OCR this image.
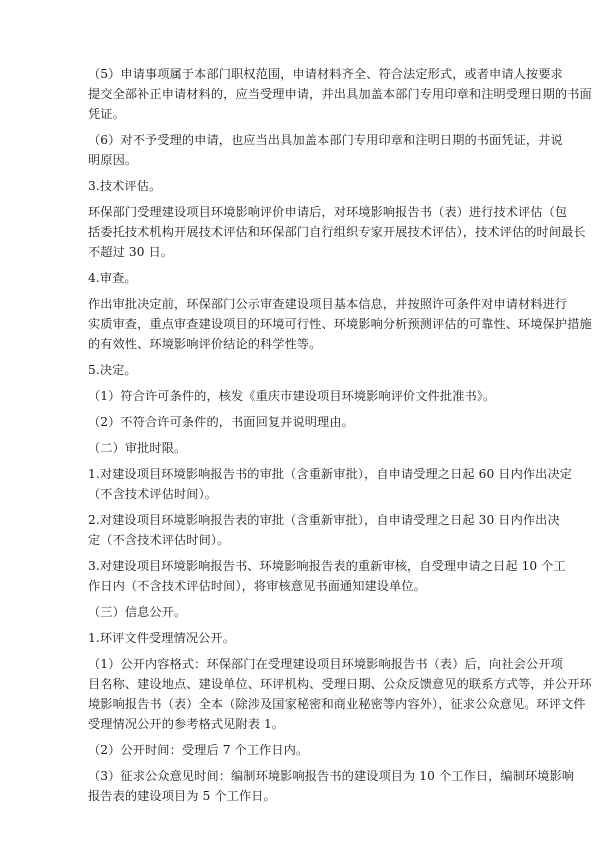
（5）申请事项属于本部门职权范围，申请材料齐全、符合法定形式，或者申请人按要求
提交全部补正申请材料的，应当受理申请，并出具加盖本部门专用印章和注明受理日期的书面
凭证。

（6）对不予受理的申请，也应当出具加盖本部门专用印章和注明日期的书面凭证，并说
明原因。

3.技术评估。

环保部门受理建设项目环境影响评价申请后，对环境影响报告书（表）进行技术评估（包
括委托技术机构开展技术评估和环保部门自行组织专家开展技术评估），技术评估的时间最长
不超过 30 日。

4.审查。

作出审批决定前，环保部门公示审查建设项目基本信息，并按照许可条件对申请材料进行
实质审查，重点审查建设项目的环境可行性、环境影响分析预测评估的可靠性、环境保护措施
的有效性、环境影响评价结论的科学性等。

5.决定。

（1）符合许可条件的，核发《重庆市建设项目环境影响评价文件批准书》。

（2）不符合许可条件的，书面回复并说明理由。

（二）审批时限。

1.对建设项目环境影响报告书的审批（含重新审批），自申请受理之日起 60 日内作出决定
（不含技术评估时间）。

2.对建设项目环境影响报告表的审批（含重新审批），自申请受理之日起 30 日内作出决
定（不含技术评估时间）。

3.对建设项目环境影响报告书、环境影响报告表的重新审核，自受理申请之日起 10 个工
作日内（不含技术评估时间），将审核意见书面通知建设单位。

（三）信息公开。

1.环评文件受理情况公开。

（1）公开内容格式：环保部门在受理建设项目环境影响报告书（表）后，向社会公开项
目名称、建设地点、建设单位、环评机构、受理日期、公众反馈意见的联系方式等，并公开环
境影响报告书（表）全本（除涉及国家秘密和商业秘密等内容外），征求公众意见。环评文件
受理情况公开的参考格式见附表 1。

（2）公开时间：受理后 7 个工作日内。

（3）征求公众意见时间：编制环境影响报告书的建设项目为 10 个工作日，编制环境影响
报告表的建设项目为 5 个工作日。
